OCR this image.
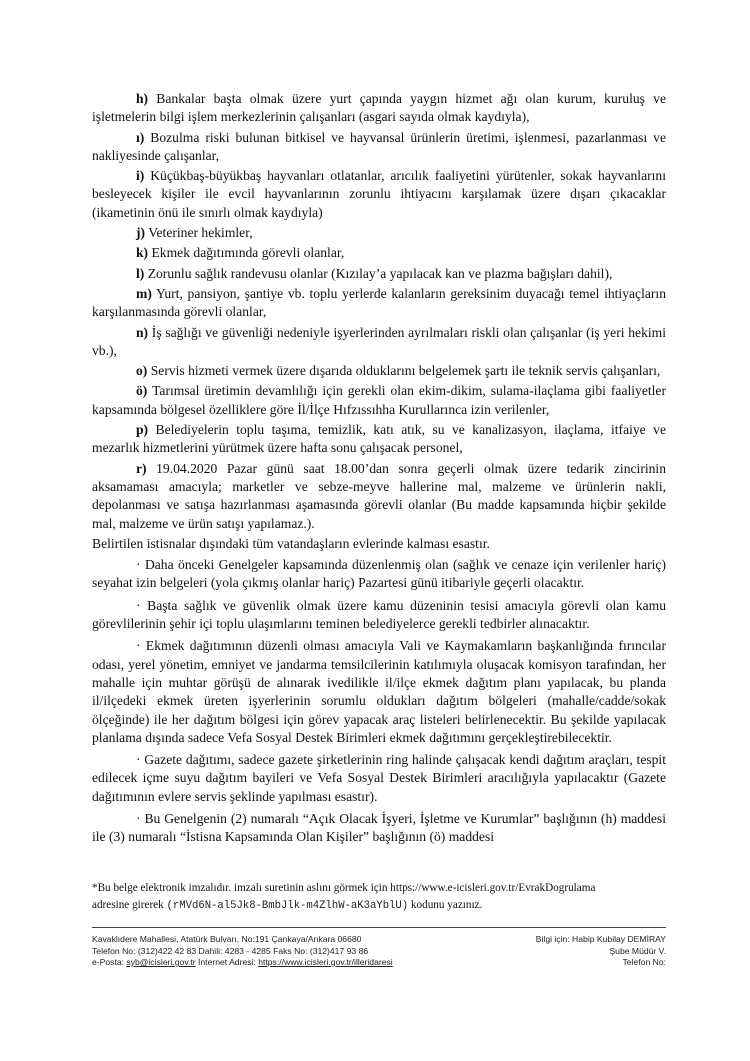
h) Bankalar başta olmak üzere yurt çapında yaygın hizmet ağı olan kurum, kuruluş ve işletmelerin bilgi işlem merkezlerinin çalışanları (asgari sayıda olmak kaydıyla),

ı) Bozulma riski bulunan bitkisel ve hayvansal ürünlerin üretimi, işlenmesi, pazarlanması ve nakliyesinde çalışanlar,

i) Küçükbaş-büyükbaş hayvanları otlatanlar, arıcılık faaliyetini yürütenler, sokak hayvanlarını besleyecek kişiler ile evcil hayvanlarının zorunlu ihtiyacını karşılamak üzere dışarı çıkacaklar (ikametinin önü ile sınırlı olmak kaydıyla)

j) Veteriner hekimler,

k) Ekmek dağıtımında görevli olanlar,

l) Zorunlu sağlık randevusu olanlar (Kızılay’a yapılacak kan ve plazma bağışları dahil),

m) Yurt, pansiyon, şantiye vb. toplu yerlerde kalanların gereksinim duyacağı temel ihtiyaçların karşılanmasında görevli olanlar,

n) İş sağlığı ve güvenliği nedeniyle işyerlerinden ayrılmaları riskli olan çalışanlar (iş yeri hekimi vb.),

o) Servis hizmeti vermek üzere dışarıda olduklarını belgelemek şartı ile teknik servis çalışanları,

ö) Tarımsal üretimin devamlılığı için gerekli olan ekim-dikim, sulama-ilaçlama gibi faaliyetler kapsamında bölgesel özelliklere göre İl/İlçe Hıfzıssıhha Kurullarınca izin verilenler,

p) Belediyelerin toplu taşıma, temizlik, katı atık, su ve kanalizasyon, ilaçlama, itfaiye ve mezarlık hizmetlerini yürütmek üzere hafta sonu çalışacak personel,

r) 19.04.2020 Pazar günü saat 18.00’dan sonra geçerli olmak üzere tedarik zincirinin aksamaması amacıyla; marketler ve sebze-meyve hallerine mal, malzeme ve ürünlerin nakli, depolanması ve satışa hazırlanması aşamasında görevli olanlar (Bu madde kapsamında hiçbir şekilde mal, malzeme ve ürün satışı yapılamaz.).

Belirtilen istisnalar dışındaki tüm vatandaşların evlerinde kalması esastır.

· Daha önceki Genelgeler kapsamında düzenlenmiş olan (sağlık ve cenaze için verilenler hariç) seyahat izin belgeleri (yola çıkmış olanlar hariç) Pazartesi günü itibariyle geçerli olacaktır.

· Başta sağlık ve güvenlik olmak üzere kamu düzeninin tesisi amacıyla görevli olan kamu görevlilerinin şehir içi toplu ulaşımlarını teminen belediyelerce gerekli tedbirler alınacaktır.

· Ekmek dağıtımının düzenli olması amacıyla Vali ve Kaymakamların başkanlığında fırıncılar odası, yerel yönetim, emniyet ve jandarma temsilcilerinin katılımıyla oluşacak komisyon tarafından, her mahalle için muhtar görüşü de alınarak ivedilikle il/ilçe ekmek dağıtım planı yapılacak, bu planda il/ilçedeki ekmek üreten işyerlerinin sorumlu oldukları dağıtım bölgeleri (mahalle/cadde/sokak ölçeğinde) ile her dağıtım bölgesi için görev yapacak araç listeleri belirlenecektir. Bu şekilde yapılacak planlama dışında sadece Vefa Sosyal Destek Birimleri ekmek dağıtımını gerçekleştirebilecektir.

· Gazete dağıtımı, sadece gazete şirketlerinin ring halinde çalışacak kendi dağıtım araçları, tespit edilecek içme suyu dağıtım bayileri ve Vefa Sosyal Destek Birimleri aracılığıyla yapılacaktır (Gazete dağıtımının evlere servis şeklinde yapılması esastır).

· Bu Genelgenin (2) numaralı “Açık Olacak İşyeri, İşletme ve Kurumlar” başlığının (h) maddesi ile (3) numaralı “İstisna Kapsamında Olan Kişiler” başlığının (ö) maddesi

*Bu belge elektronik imzalıdır. imzalı suretinin aslını görmek için https://www.e-icisleri.gov.tr/EvrakDogrulama
adresine girerek (rMVd6N-al5Jk8-BmbJlk-m4ZlhW-aK3aYblU) kodunu yazınız.
Kavaklıdere Mahallesi, Atatürk Bulvarı, No:191 Çankaya/Ankara 06680
Telefon No: (312)422 42 83 Dahili: 4283 - 4285 Faks No: (312)417 93 86
e-Posta: syb@icisleri.gov.tr İnternet Adresi: https://www.icisleri.gov.tr/illeridaresi
Bilgi için: Habip Kubilay DEMİRAY
Şube Müdür V.
Telefon No:
